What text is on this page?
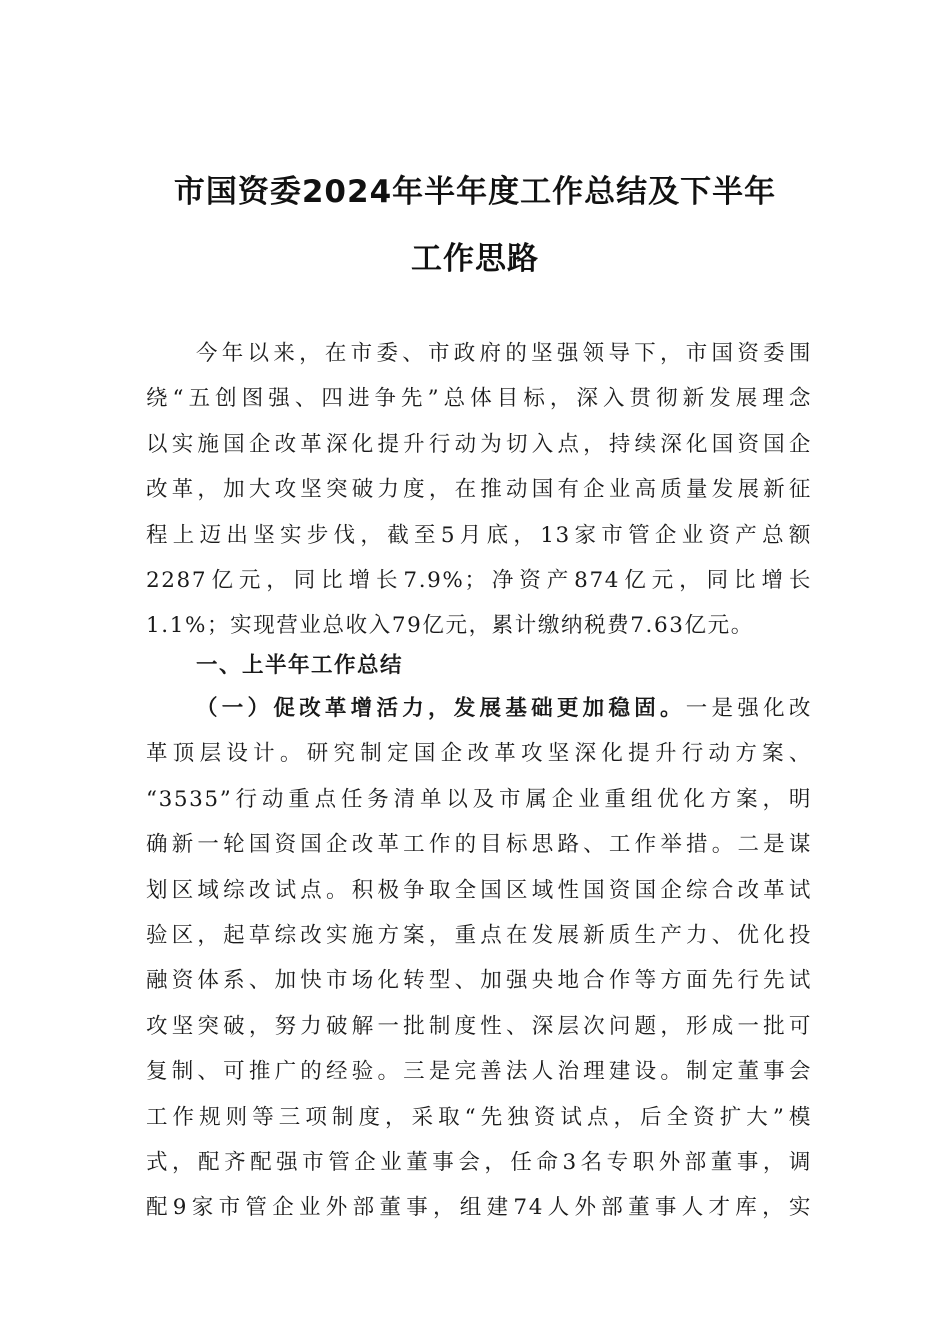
市国资委2024年半年度工作总结及下半年
工作思路
今年以来，在市委、市政府的坚强领导下，市国资委围
绕“五创图强、四进争先”总体目标，深入贯彻新发展理念
以实施国企改革深化提升行动为切入点，持续深化国资国企
改革，加大攻坚突破力度，在推动国有企业高质量发展新征
程上迈出坚实步伐，截至5月底，13家市管企业资产总额
2287亿元，同比增长7.9%；净资产874亿元，同比增长
1.1%；实现营业总收入79亿元，累计缴纳税费7.63亿元。
一、上半年工作总结
（一）促改革增活力，发展基础更加稳固。一是强化改
革顶层设计。研究制定国企改革攻坚深化提升行动方案、
“3535”行动重点任务清单以及市属企业重组优化方案，明
确新一轮国资国企改革工作的目标思路、工作举措。二是谋
划区域综改试点。积极争取全国区域性国资国企综合改革试
验区，起草综改实施方案，重点在发展新质生产力、优化投
融资体系、加快市场化转型、加强央地合作等方面先行先试
攻坚突破，努力破解一批制度性、深层次问题，形成一批可
复制、可推广的经验。三是完善法人治理建设。制定董事会
工作规则等三项制度，采取“先独资试点，后全资扩大”模
式，配齐配强市管企业董事会，任命3名专职外部董事，调
配9家市管企业外部董事，组建74人外部董事人才库，实
